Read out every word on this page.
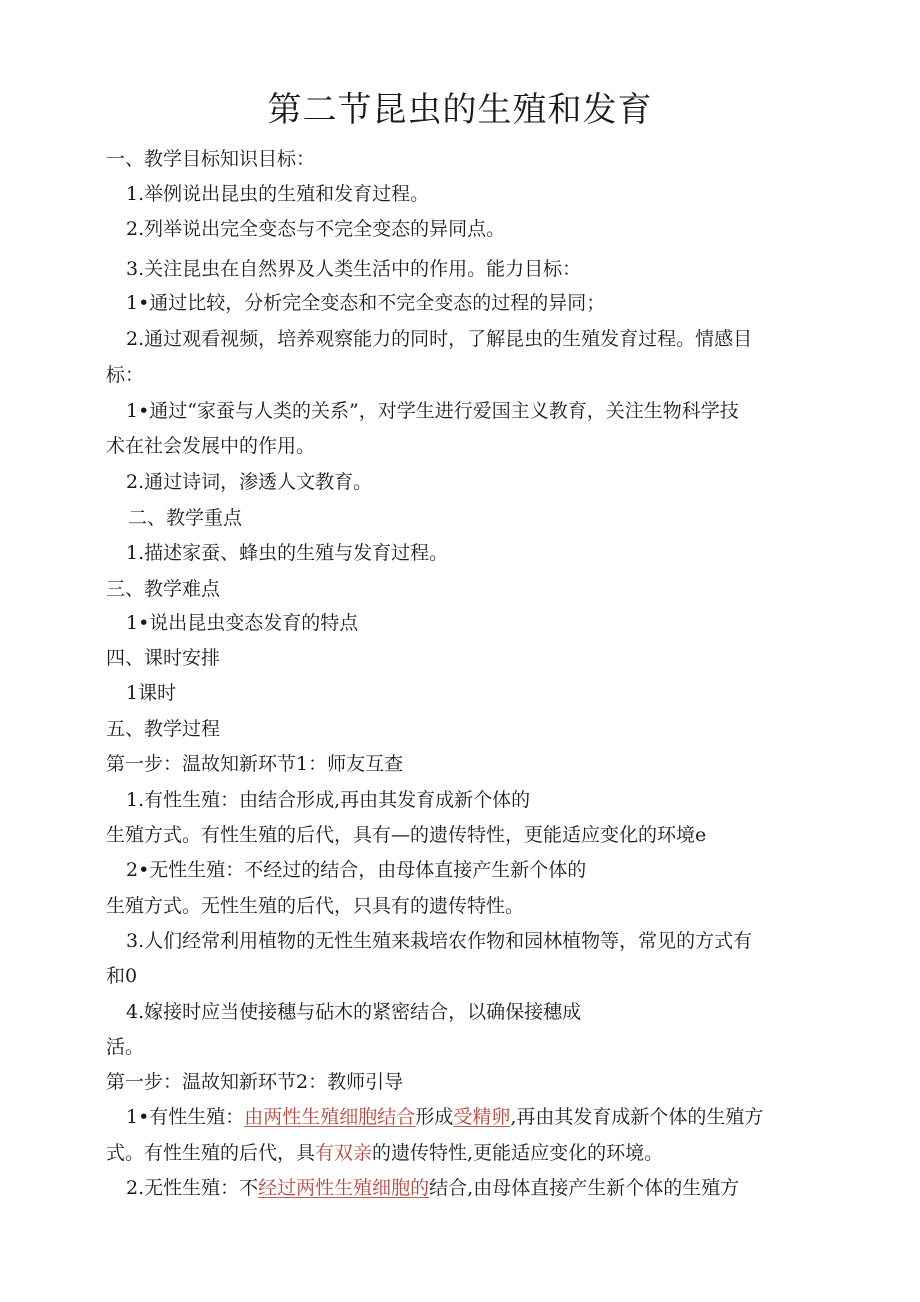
第二节昆虫的生殖和发育
一、教学目标知识目标：
1.举例说出昆虫的生殖和发育过程。
2.列举说出完全变态与不完全变态的异同点。
3.关注昆虫在自然界及人类生活中的作用。能力目标：
1•通过比较，分析完全变态和不完全变态的过程的异同；
2.通过观看视频，培养观察能力的同时，了解昆虫的生殖发育过程。情感目
标：
1•通过“家蚕与人类的关系”，对学生进行爱国主义教育，关注生物科学技
术在社会发展中的作用。
2.通过诗词，渗透人文教育。
二、教学重点
1.描述家蚕、蜂虫的生殖与发育过程。
三、教学难点
1•说出昆虫变态发育的特点
四、课时安排
1课时
五、教学过程
第一步：温故知新环节1：师友互查
1.有性生殖：由结合形成,再由其发育成新个体的
生殖方式。有性生殖的后代，具有—的遗传特性，更能适应变化的环境e
2•无性生殖：不经过的结合，由母体直接产生新个体的
生殖方式。无性生殖的后代，只具有的遗传特性。
3.人们经常利用植物的无性生殖来栽培农作物和园林植物等，常见的方式有
和0
4.嫁接时应当使接穗与砧木的紧密结合，以确保接穗成
活。
第一步：温故知新环节2：教师引导
1•有性生殖：由两性生殖细胞结合形成受精卵,再由其发育成新个体的生殖方
式。有性生殖的后代，具有双亲的遗传特性,更能适应变化的环境。
2.无性生殖：不经过两性生殖细胞的结合,由母体直接产生新个体的生殖方
